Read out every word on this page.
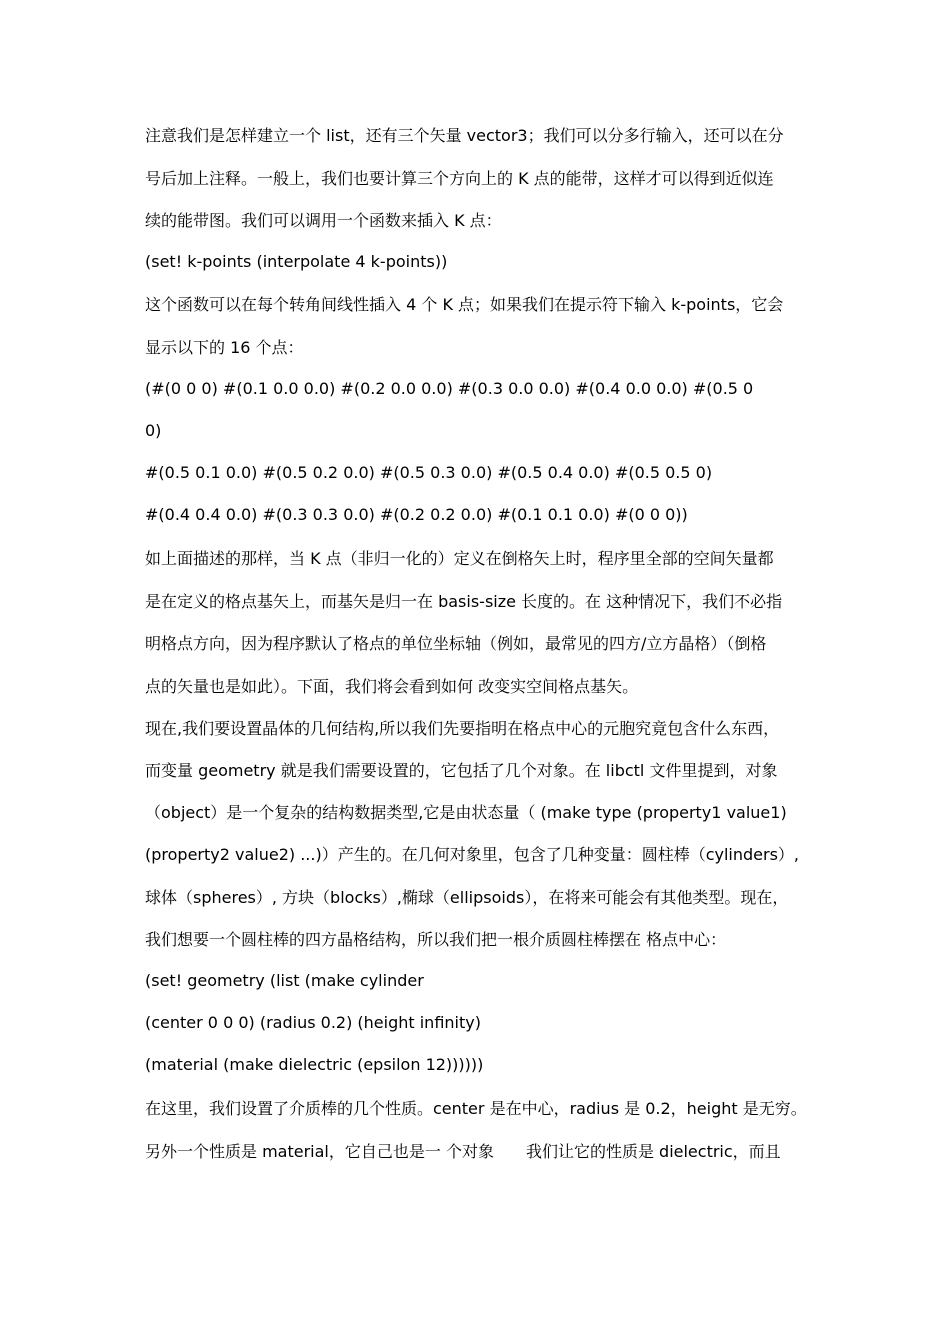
注意我们是怎样建立一个 list，还有三个矢量 vector3；我们可以分多行输入，还可以在分
号后加上注释。一般上，我们也要计算三个方向上的 K 点的能带，这样才可以得到近似连
续的能带图。我们可以调用一个函数来插入 K 点：
(set! k-points (interpolate 4 k-points))
这个函数可以在每个转角间线性插入 4 个 K 点；如果我们在提示符下输入 k-points，它会
显示以下的 16 个点：
(#(0 0 0) #(0.1 0.0 0.0) #(0.2 0.0 0.0) #(0.3 0.0 0.0) #(0.4 0.0 0.0) #(0.5 0
0)
#(0.5 0.1 0.0) #(0.5 0.2 0.0) #(0.5 0.3 0.0) #(0.5 0.4 0.0) #(0.5 0.5 0)
#(0.4 0.4 0.0) #(0.3 0.3 0.0) #(0.2 0.2 0.0) #(0.1 0.1 0.0) #(0 0 0))
如上面描述的那样，当 K 点（非归一化的）定义在倒格矢上时，程序里全部的空间矢量都
是在定义的格点基矢上，而基矢是归一在 basis-size 长度的。在 这种情况下，我们不必指
明格点方向，因为程序默认了格点的单位坐标轴（例如，最常见的四方/立方晶格）（倒格
点的矢量也是如此）。下面，我们将会看到如何 改变实空间格点基矢。
现在,我们要设置晶体的几何结构,所以我们先要指明在格点中心的元胞究竟包含什么东西，
而变量 geometry 就是我们需要设置的，它包括了几个对象。在 libctl 文件里提到，对象
（object）是一个复杂的结构数据类型,它是由状态量（ (make type (property1 value1)
(property2 value2) ...)）产生的。在几何对象里，包含了几种变量：圆柱棒（cylinders）,
球体（spheres）, 方块（blocks）,椭球（ellipsoids），在将来可能会有其他类型。现在，
我们想要一个圆柱棒的四方晶格结构，所以我们把一根介质圆柱棒摆在 格点中心：
(set! geometry (list (make cylinder
(center 0 0 0) (radius 0.2) (height infinity)
(material (make dielectric (epsilon 12))))))
在这里，我们设置了介质棒的几个性质。center 是在中心，radius 是 0.2，height 是无穷。
另外一个性质是 material，它自己也是一 个对象　　我们让它的性质是 dielectric，而且
